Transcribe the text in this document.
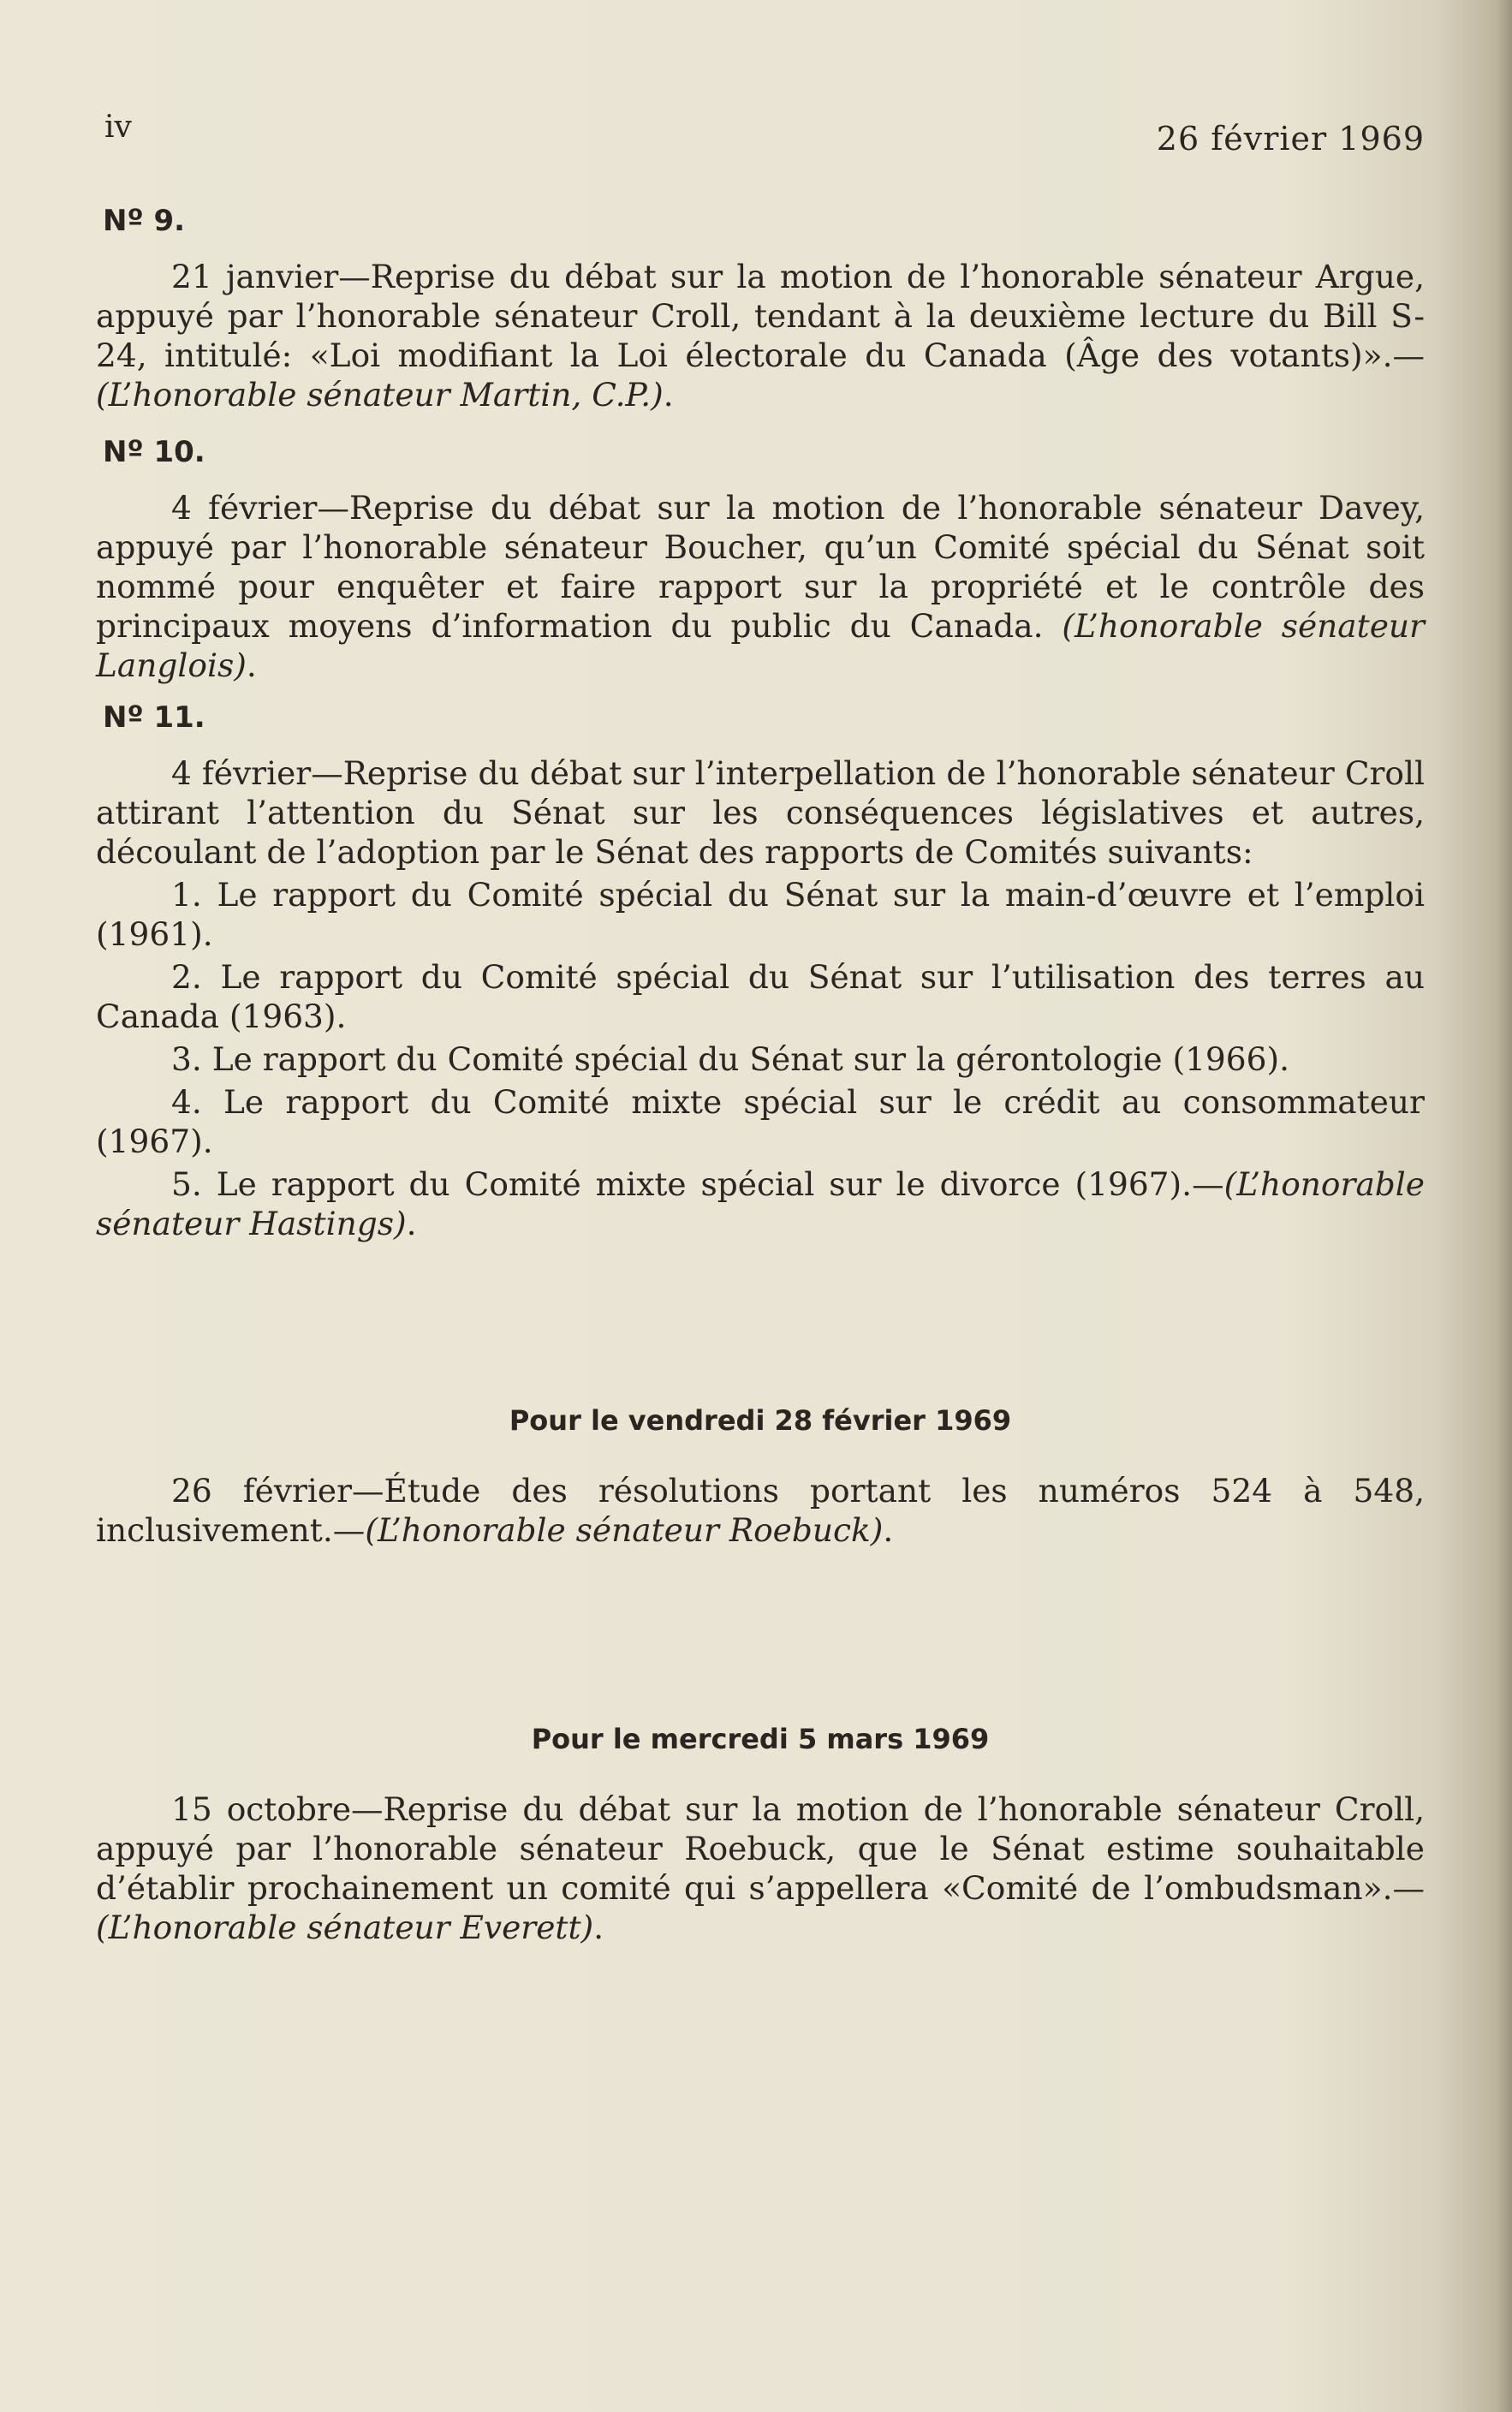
iv	26 février 1969
Nº 9.

21 janvier—Reprise du débat sur la motion de l’honorable sénateur Argue, appuyé par l’honorable sénateur Croll, tendant à la deuxième lecture du Bill S-24, intitulé: «Loi modifiant la Loi électorale du Canada (Âge des votants)».—(L’honorable sénateur Martin, C.P.).

Nº 10.

4 février—Reprise du débat sur la motion de l’honorable sénateur Davey, appuyé par l’honorable sénateur Boucher, qu’un Comité spécial du Sénat soit nommé pour enquêter et faire rapport sur la propriété et le contrôle des principaux moyens d’information du public du Canada. (L’honorable sénateur Langlois).

Nº 11.

4 février—Reprise du débat sur l’interpellation de l’honorable sénateur Croll attirant l’attention du Sénat sur les conséquences législatives et autres, découlant de l’adoption par le Sénat des rapports de Comités suivants:

1. Le rapport du Comité spécial du Sénat sur la main-d’œuvre et l’emploi (1961).

2. Le rapport du Comité spécial du Sénat sur l’utilisation des terres au Canada (1963).

3. Le rapport du Comité spécial du Sénat sur la gérontologie (1966).

4. Le rapport du Comité mixte spécial sur le crédit au consommateur (1967).

5. Le rapport du Comité mixte spécial sur le divorce (1967).—(L’honorable sénateur Hastings).

Pour le vendredi 28 février 1969

26 février—Étude des résolutions portant les numéros 524 à 548, inclusivement.—(L’honorable sénateur Roebuck).

Pour le mercredi 5 mars 1969

15 octobre—Reprise du débat sur la motion de l’honorable sénateur Croll, appuyé par l’honorable sénateur Roebuck, que le Sénat estime souhaitable d’établir prochainement un comité qui s’appellera «Comité de l’ombudsman».—(L’honorable sénateur Everett).
